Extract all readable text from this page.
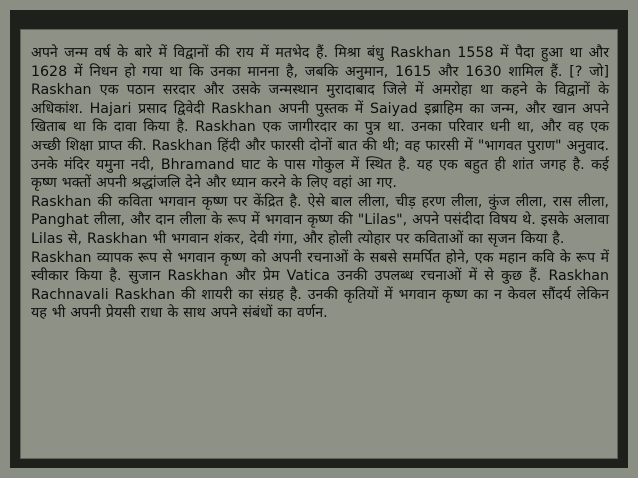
अपने जन्म वर्ष के बारे में विद्वानों की राय में मतभेद हैं. मिश्रा बंधु Raskhan 1558 में पैदा हुआ था और 1628 में निधन हो गया था कि उनका मानना है, जबकि अनुमान, 1615 और 1630 शामिल हैं. [? जो] Raskhan एक पठान सरदार और उसके जन्मस्थान मुरादाबाद जिले में अमरोहा था कहने के विद्वानों के अधिकांश. Hajari प्रसाद द्विवेदी Raskhan अपनी पुस्तक में Saiyad इब्राहिम का जन्म, और खान अपने खिताब था कि दावा किया है. Raskhan एक जागीरदार का पुत्र था. उनका परिवार धनी था, और वह एक अच्छी शिक्षा प्राप्त की. Raskhan हिंदी और फारसी दोनों बात की थी; वह फारसी में "भागवत पुराण" अनुवाद. उनके मंदिर यमुना नदी, Bhramand घाट के पास गोकुल में स्थित है. यह एक बहुत ही शांत जगह है. कई कृष्ण भक्तों अपनी श्रद्धांजलि देने और ध्यान करने के लिए वहां आ गए.

Raskhan की कविता भगवान कृष्ण पर केंद्रित है. ऐसे बाल लीला, चीड़ हरण लीला, कुंज लीला, रास लीला, Panghat लीला, और दान लीला के रूप में भगवान कृष्ण की "Lilas", अपने पसंदीदा विषय थे. इसके अलावा Lilas से, Raskhan भी भगवान शंकर, देवी गंगा, और होली त्योहार पर कविताओं का सृजन किया है.

Raskhan व्यापक रूप से भगवान कृष्ण को अपनी रचनाओं के सबसे समर्पित होने, एक महान कवि के रूप में स्वीकार किया है. सुजान Raskhan और प्रेम Vatica उनकी उपलब्ध रचनाओं में से कुछ हैं. Raskhan Rachnavali Raskhan की शायरी का संग्रह है. उनकी कृतियों में भगवान कृष्ण का न केवल सौंदर्य लेकिन यह भी अपनी प्रेयसी राधा के साथ अपने संबंधों का वर्णन.
